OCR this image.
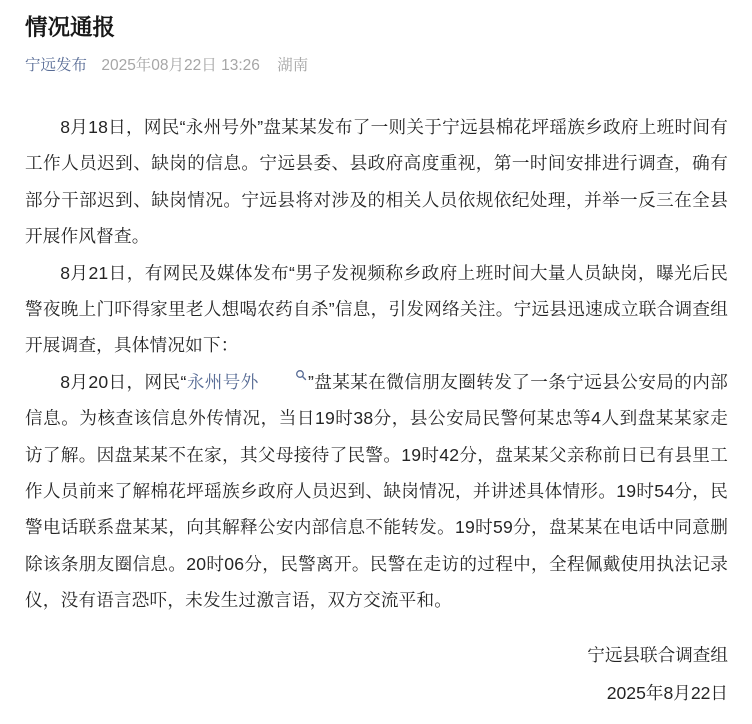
情况通报
宁远发布 2025年08月22日 13:26 湖南

8月18日，网民“永州号外”盘某某发布了一则关于宁远县棉花坪瑶族乡政府上班时间有工作人员迟到、缺岗的信息。宁远县委、县政府高度重视，第一时间安排进行调查，确有部分干部迟到、缺岗情况。宁远县将对涉及的相关人员依规依纪处理，并举一反三在全县开展作风督查。

8月21日，有网民及媒体发布“男子发视频称乡政府上班时间大量人员缺岗，曝光后民警夜晚上门吓得家里老人想喝农药自杀”信息，引发网络关注。宁远县迅速成立联合调查组开展调查，具体情况如下：

8月20日，网民“永州号外	”盘某某在微信朋友圈转发了一条宁远县公安局的内部信息。为核查该信息外传情况，当日19时38分，县公安局民警何某忠等4人到盘某某家走访了解。因盘某某不在家，其父母接待了民警。19时42分，盘某某父亲称前日已有县里工作人员前来了解棉花坪瑶族乡政府人员迟到、缺岗情况，并讲述具体情形。19时54分，民警电话联系盘某某，向其解释公安内部信息不能转发。19时59分，盘某某在电话中同意删除该条朋友圈信息。20时06分，民警离开。民警在走访的过程中，全程佩戴使用执法记录仪，没有语言恐吓，未发生过激言语，双方交流平和。

宁远县联合调查组

2025年8月22日
